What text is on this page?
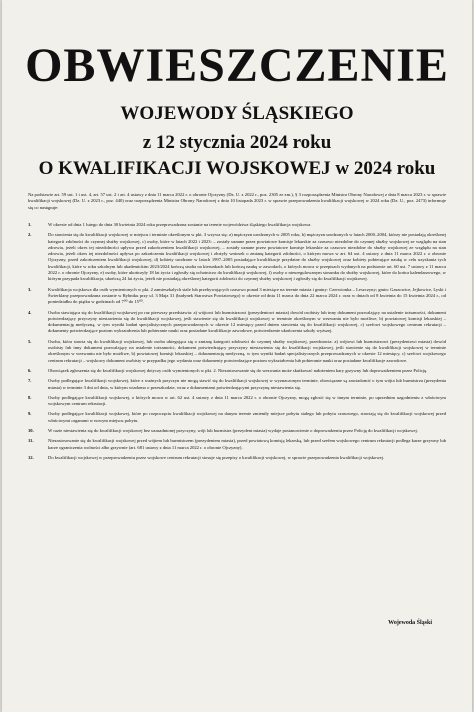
OBWIESZCZENIE
WOJEWODY ŚLĄSKIEGO
z 12 stycznia 2024 roku
O KWALIFIKACJI WOJSKOWEJ w 2024 roku
Na podstawie art. 59 ust. 1 i ust. 4, art. 57 ust. 2 i art. 4 ustawy z dnia 11 marca 2022 r. o obronie Ojczyzny (Dz. U. z 2022 r., poz. 2305 ze zm.), § 3 rozporządzenia Ministra Obrony Narodowej z dnia 8 marca 2023 r. w sprawie kwalifikacji wojskowej (Dz. U. z 2023 r., poz. 440) oraz rozporządzenia Ministra Obrony Narodowej z dnia 10 listopada 2023 r. w sprawie przeprowadzenia kwalifikacji wojskowej w 2024 roku (Dz. U., poz. 2473) informuje się co następuje:
1.	W okresie od dnia 1 lutego do dnia 30 kwietnia 2024 roku przeprowadzona zostanie na terenie województwa śląskiego kwalifikacja wojskowa.
2.	Do stawienia się do kwalifikacji wojskowej w miejscu i terminie określonym w pkt. 3 wzywa się: a) mężczyzn urodzonych w 2005 roku, b) mężczyzn urodzonych w latach 2000–2004, którzy nie posiadają określonej kategorii zdolności do czynnej służby wojskowej, c) osoby, które w latach 2022 i 2023: – zostały uznane przez powiatowe komisje lekarskie za czasowo niezdolne do czynnej służby wojskowej ze względu na stan zdrowia, jeżeli okres tej niezdolności upływa przed zakończeniem kwalifikacji wojskowej, – zostały uznane przez powiatowe komisje lekarskie za czasowo niezdolne do służby wojskowej ze względu na stan zdrowia, jeżeli okres tej niezdolności upływa po zakończeniu kwalifikacji wojskowej i złożyły wniosek o zmianę kategorii zdolności, o którym mowa w art. 64 ust. 4 ustawy z dnia 11 marca 2022 r. o obronie Ojczyzny, przed zakończeniem kwalifikacji wojskowej, d) kobiety urodzone w latach 1997–2005 posiadające kwalifikacje przydatne do służby wojskowej oraz kobiety pobierające naukę w celu uzyskania tych kwalifikacji, które w roku szkolnym lub akademickim 2023/2024 kończą studia na kierunkach lub kończą naukę w zawodach, o których mowa w przepisach wydanych na podstawie art. 60 ust. 7 ustawy z 11 marca 2022 r. o obronie Ojczyzny, e) osoby, które ukończyły 18 lat życia i zgłosiły się ochotniczo do kwalifikacji wojskowej, f) osoby o nieuregulowanym stosunku do służby wojskowej, które do końca kalendarzowego, w którym przypada kwalifikacja, ukończą 24 lat życia, jeżeli nie posiadają określonej kategorii zdolności do czynnej służby wojskowej i zgłosiły się do kwalifikacji wojskowej.
3.	Kwalifikacja wojskowa dla osób wymienionych w pkt. 2 zamieszkałych stale lub przebywających czasowo ponad 3 miesiące na terenie miasta i gminy: Czerwionka – Leszczyny; gmin: Gaszowice, Jejkowice, Lyski i Świerklany przeprowadzana zostanie w Rybniku przy ul. 3 Maja 31 (budynek Starostwa Powiatowego) w okresie od dnia 11 marca do dnia 22 marca 2024 r. oraz w dniach od 8 kwietnia do 15 kwietnia 2024 r., od poniedziałku do piątku w godzinach od 7⁰⁰ do 15⁰⁰.
4.	Osoba stawiająca się do kwalifikacji wojskowej po raz pierwszy przedstawia: a) wójtowi lub burmistrzowi (prezydentowi miasta) dowód osobisty lub inny dokument pozwalający na ustalenie tożsamości, dokument potwierdzający przyczyny niestawienia się do kwalifikacji wojskowej, jeśli stawienie się do kwalifikacji wojskowej w terminie określonym w wezwaniu nie było możliwe, b) powiatowej komisji lekarskiej – dokumentację medyczną, w tym wyniki badań specjalistycznych przeprowadzonych w okresie 12 miesięcy przed dniem stawienia się do kwalifikacji wojskowej, c) szefowi wojskowego centrum rekrutacji – dokumenty potwierdzające poziom wykształcenia lub pobieranie nauki oraz posiadane kwalifikacje zawodowe, potwierdzenie ukończenia szkoły wyższej.
5.	Osoba, która stawia się do kwalifikacji wojskowej, lub osoba ubiegająca się o zmianę kategorii zdolności do czynnej służby wojskowej, przedstawia: a) wójtowi lub burmistrzowi (prezydentowi miasta) dowód osobisty lub inny dokument pozwalający na ustalenie tożsamości, dokument potwierdzający przyczyny niestawienia się do kwalifikacji wojskowej, jeśli stawienie się do kwalifikacji wojskowej w terminie określonym w wezwaniu nie było możliwe, b) powiatowej komisji lekarskiej – dokumentację medyczną, w tym wyniki badań specjalistycznych przeprowadzonych w okresie 12 miesięcy, c) szefowi wojskowego centrum rekrutacji – wojskowy dokument osobisty w przypadku jego wydania oraz dokumenty potwierdzające poziom wykształcenia lub pobieranie nauki oraz posiadane kwalifikacje zawodowe.
6.	Obowiązek zgłoszenia się do kwalifikacji wojskowej dotyczy osób wymienionych w pkt. 2. Niezastosowanie się do wezwania może skutkować nałożeniem kary grzywny lub doprowadzeniem przez Policję.
7.	Osoby podlegające kwalifikacji wojskowej, które z ważnych przyczyn nie mogą stawić się do kwalifikacji wojskowej w wyznaczonym terminie, obowiązane są zawiadomić o tym wójta lub burmistrza (prezydenta miasta) w terminie 3 dni od dnia, w którym wiadomo o przeszkodzie, wraz z dokumentami potwierdzającymi przyczynę niestawienia się.
8.	Osoby podlegające kwalifikacji wojskowej, o których mowa w art. 62 ust. 4 ustawy z dnia 11 marca 2022 r. o obronie Ojczyzny, mogą zgłosić się w innym terminie, po uprzednim uzgodnieniu z właściwym wojskowym centrum rekrutacji.
9.	Osoby podlegające kwalifikacji wojskowej, które po rozpoczęciu kwalifikacji wojskowej na danym terenie zmieniły miejsce pobytu stałego lub pobytu czasowego, stawiają się do kwalifikacji wojskowej przed właściwymi organami w nowym miejscu pobytu.
10.	W razie niestawienia się do kwalifikacji wojskowej bez uzasadnionej przyczyny, wójt lub burmistrz (prezydent miasta) wydaje postanowienie o doprowadzeniu przez Policję do kwalifikacji wojskowej.
11.	Niezastosowanie się do kwalifikacji wojskowej przed wójtem lub burmistrzem (prezydentem miasta), przed powiatową komisją lekarską, lub przed szefem wojskowego centrum rekrutacji podlega karze grzywny lub karze ograniczenia wolności albo grzywnie (art. 681 ustawy z dnia 11 marca 2022 r. o obronie Ojczyzny).
12.	Do kwalifikacji wojskowej w przeprowadzeniu przez wojskowe centrum rekrutacji stosuje się przepisy o kwalifikacji wojskowej, w sprawie przeprowadzenia kwalifikacji wojskowej.
Wojewoda Śląski
